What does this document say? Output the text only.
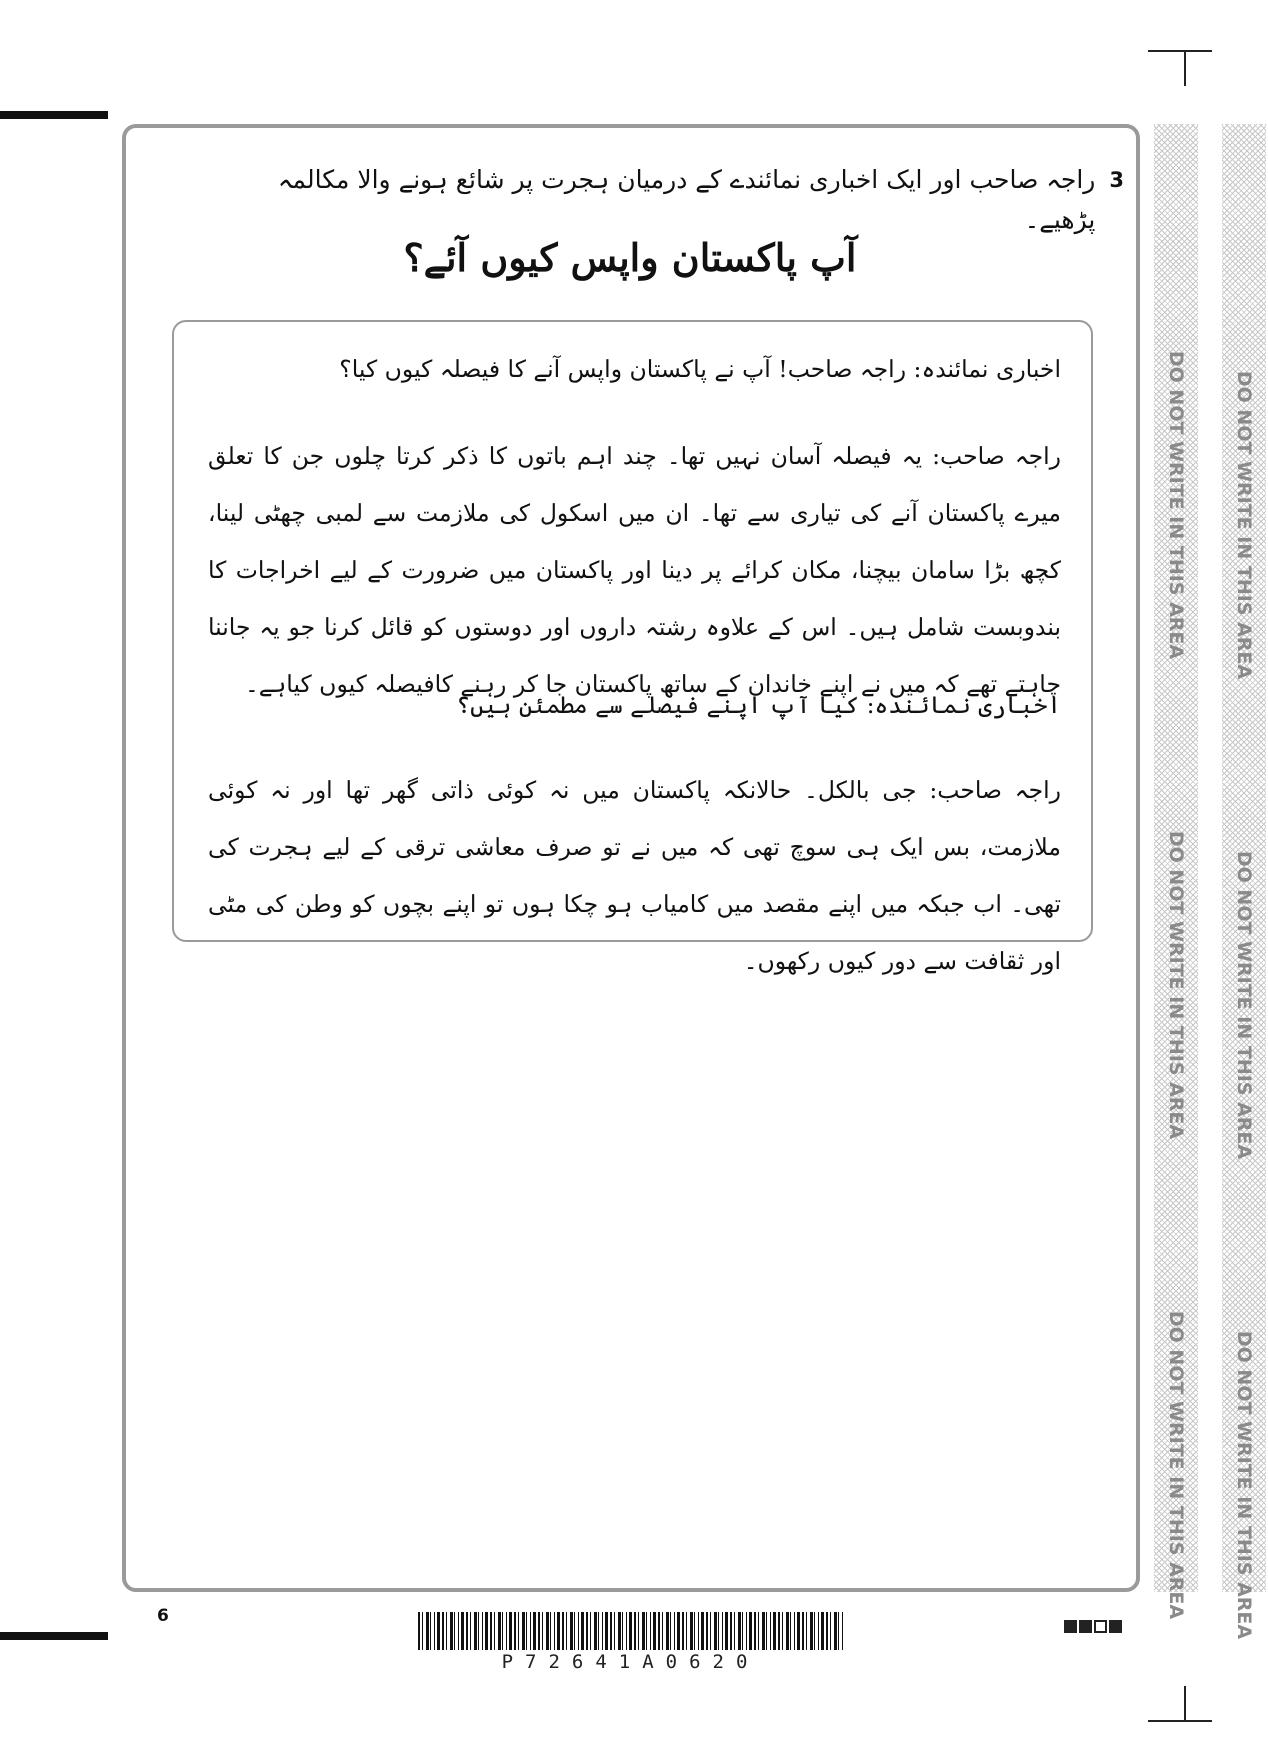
DO NOT WRITE IN THIS AREA
DO NOT WRITE IN THIS AREA
DO NOT WRITE IN THIS AREA
DO NOT WRITE IN THIS AREA
DO NOT WRITE IN THIS AREA
DO NOT WRITE IN THIS AREA
3
راجہ صاحب اور ایک اخباری نمائندے کے درمیان ہجرت پر شائع ہونے والا مکالمہ پڑھیے۔
آپ پاکستان واپس کیوں آئے؟
اخباری نمائندہ: راجہ صاحب! آپ نے پاکستان واپس آنے کا فیصلہ کیوں کیا؟
راجہ صاحب: یہ فیصلہ آسان نہیں تھا۔ چند اہم باتوں کا ذکر کرتا چلوں جن کا تعلق میرے پاکستان آنے کی تیاری سے تھا۔ ان میں اسکول کی ملازمت سے لمبی چھٹی لینا، کچھ بڑا سامان بیچنا، مکان کرائے پر دینا اور پاکستان میں ضرورت کے لیے اخراجات کا بندوبست شامل ہیں۔ اس کے علاوہ رشتہ داروں اور دوستوں کو قائل کرنا جو یہ جاننا چاہتے تھے کہ میں نے اپنے خاندان کے ساتھ پاکستان جا کر رہنے کافیصلہ کیوں کیاہے۔
اخباری نمائندہ: کیا آپ اپنے فیصلے سے مطمئن ہیں؟
راجہ صاحب: جی بالکل۔ حالانکہ پاکستان میں نہ کوئی ذاتی گھر تھا اور نہ کوئی ملازمت، بس ایک ہی سوچ تھی کہ میں نے تو صرف معاشی ترقی کے لیے ہجرت کی تھی۔ اب جبکہ میں اپنے مقصد میں کامیاب ہو چکا ہوں تو اپنے بچوں کو وطن کی مٹی اور ثقافت سے دور کیوں رکھوں۔
6
P72641A0620
